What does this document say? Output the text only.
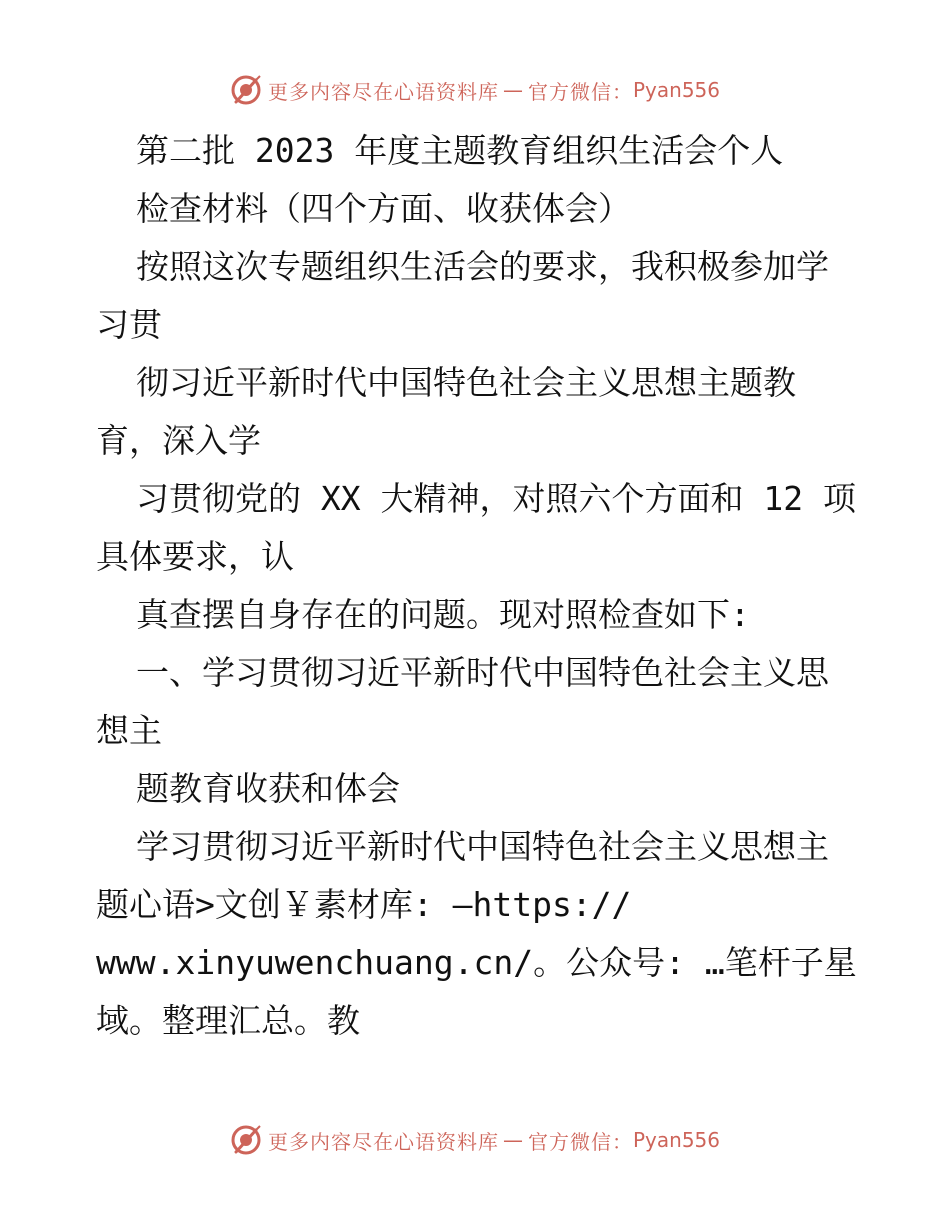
更多内容尽在心语资料库 — 官方微信： Pyan556
第二批 2023 年度主题教育组织生活会个人
检查材料（四个方面、收获体会）
按照这次专题组织生活会的要求，我积极参加学
习贯
彻习近平新时代中国特色社会主义思想主题教
育，深入学
习贯彻党的 XX 大精神，对照六个方面和 12 项
具体要求，认
真查摆自身存在的问题。现对照检查如下:
一、学习贯彻习近平新时代中国特色社会主义思
想主
题教育收获和体会
学习贯彻习近平新时代中国特色社会主义思想主
题心语>文创￥素材库: —https://
www.xinyuwenchuang.cn/。公众号: …笔杆子星
域。整理汇总。教
更多内容尽在心语资料库 — 官方微信： Pyan556
